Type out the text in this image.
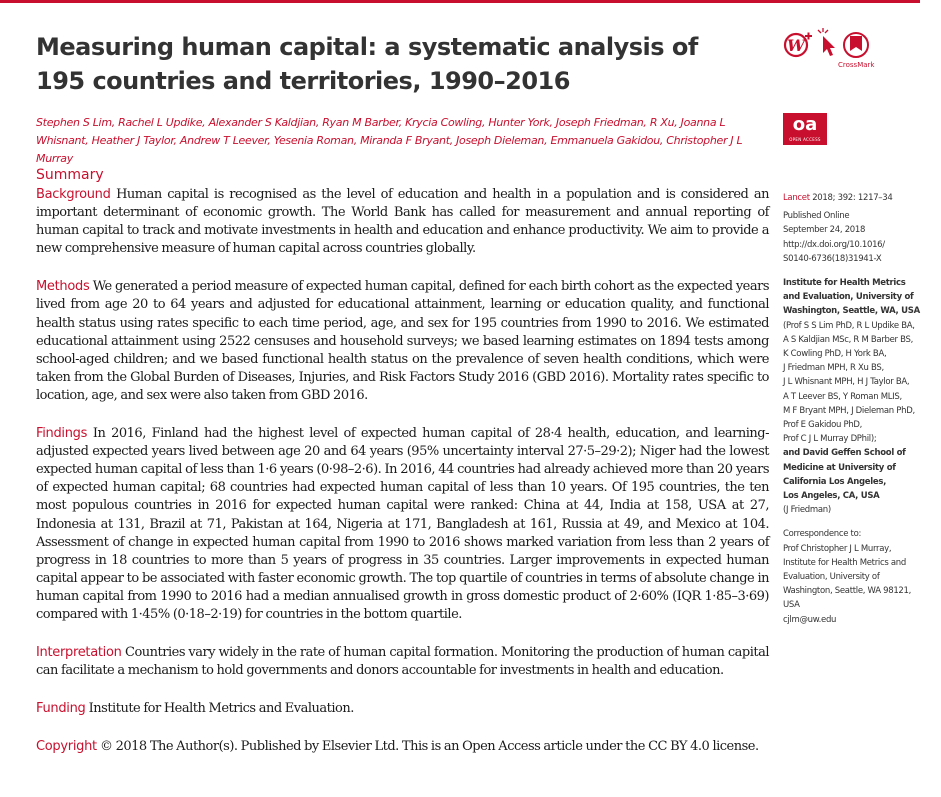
Measuring human capital: a systematic analysis of 195 countries and territories, 1990–2016
W
CrossMark

Stephen S Lim, Rachel L Updike, Alexander S Kaldjian, Ryan M Barber, Krycia Cowling, Hunter York, Joseph Friedman, R Xu, Joanna L Whisnant, Heather J Taylor, Andrew T Leever, Yesenia Roman, Miranda F Bryant, Joseph Dieleman, Emmanuela Gakidou, Christopher J L Murray

oa
OPEN ACCESS
Summary

Background Human capital is recognised as the level of education and health in a population and is considered an important determinant of economic growth. The World Bank has called for measurement and annual reporting of human capital to track and motivate investments in health and education and enhance productivity. We aim to provide a new comprehensive measure of human capital across countries globally.

Methods We generated a period measure of expected human capital, defined for each birth cohort as the expected years lived from age 20 to 64 years and adjusted for educational attainment, learning or education quality, and functional health status using rates specific to each time period, age, and sex for 195 countries from 1990 to 2016. We estimated educational attainment using 2522 censuses and household surveys; we based learning estimates on 1894 tests among school-aged children; and we based functional health status on the prevalence of seven health conditions, which were taken from the Global Burden of Diseases, Injuries, and Risk Factors Study 2016 (GBD 2016). Mortality rates specific to location, age, and sex were also taken from GBD 2016.

Findings In 2016, Finland had the highest level of expected human capital of 28·4 health, education, and learning-adjusted expected years lived between age 20 and 64 years (95% uncertainty interval 27·5–29·2); Niger had the lowest expected human capital of less than 1·6 years (0·98–2·6). In 2016, 44 countries had already achieved more than 20 years of expected human capital; 68 countries had expected human capital of less than 10 years. Of 195 countries, the ten most populous countries in 2016 for expected human capital were ranked: China at 44, India at 158, USA at 27, Indonesia at 131, Brazil at 71, Pakistan at 164, Nigeria at 171, Bangladesh at 161, Russia at 49, and Mexico at 104. Assessment of change in expected human capital from 1990 to 2016 shows marked variation from less than 2 years of progress in 18 countries to more than 5 years of progress in 35 countries. Larger improvements in expected human capital appear to be associated with faster economic growth. The top quartile of countries in terms of absolute change in human capital from 1990 to 2016 had a median annualised growth in gross domestic product of 2·60% (IQR 1·85–3·69) compared with 1·45% (0·18–2·19) for countries in the bottom quartile.

Interpretation Countries vary widely in the rate of human capital formation. Monitoring the production of human capital can facilitate a mechanism to hold governments and donors accountable for investments in health and education.

Funding Institute for Health Metrics and Evaluation.

Copyright © 2018 The Author(s). Published by Elsevier Ltd. This is an Open Access article under the CC BY 4.0 license.

Lancet 2018; 392: 1217–34

Published Online

September 24, 2018

http://dx.doi.org/10.1016/

S0140-6736(18)31941-X

Institute for Health Metrics

and Evaluation, University of

Washington, Seattle, WA, USA

(Prof S S Lim PhD, R L Updike BA,

A S Kaldjian MSc, R M Barber BS,

K Cowling PhD, H York BA,

J Friedman MPH, R Xu BS,

J L Whisnant MPH, H J Taylor BA,

A T Leever BS, Y Roman MLIS,

M F Bryant MPH, J Dieleman PhD,

Prof E Gakidou PhD,

Prof C J L Murray DPhil);

and David Geffen School of

Medicine at University of

California Los Angeles,

Los Angeles, CA, USA

(J Friedman)

Correspondence to:

Prof Christopher J L Murray,

Institute for Health Metrics and

Evaluation, University of

Washington, Seattle, WA 98121,

USA

cjlm@uw.edu
